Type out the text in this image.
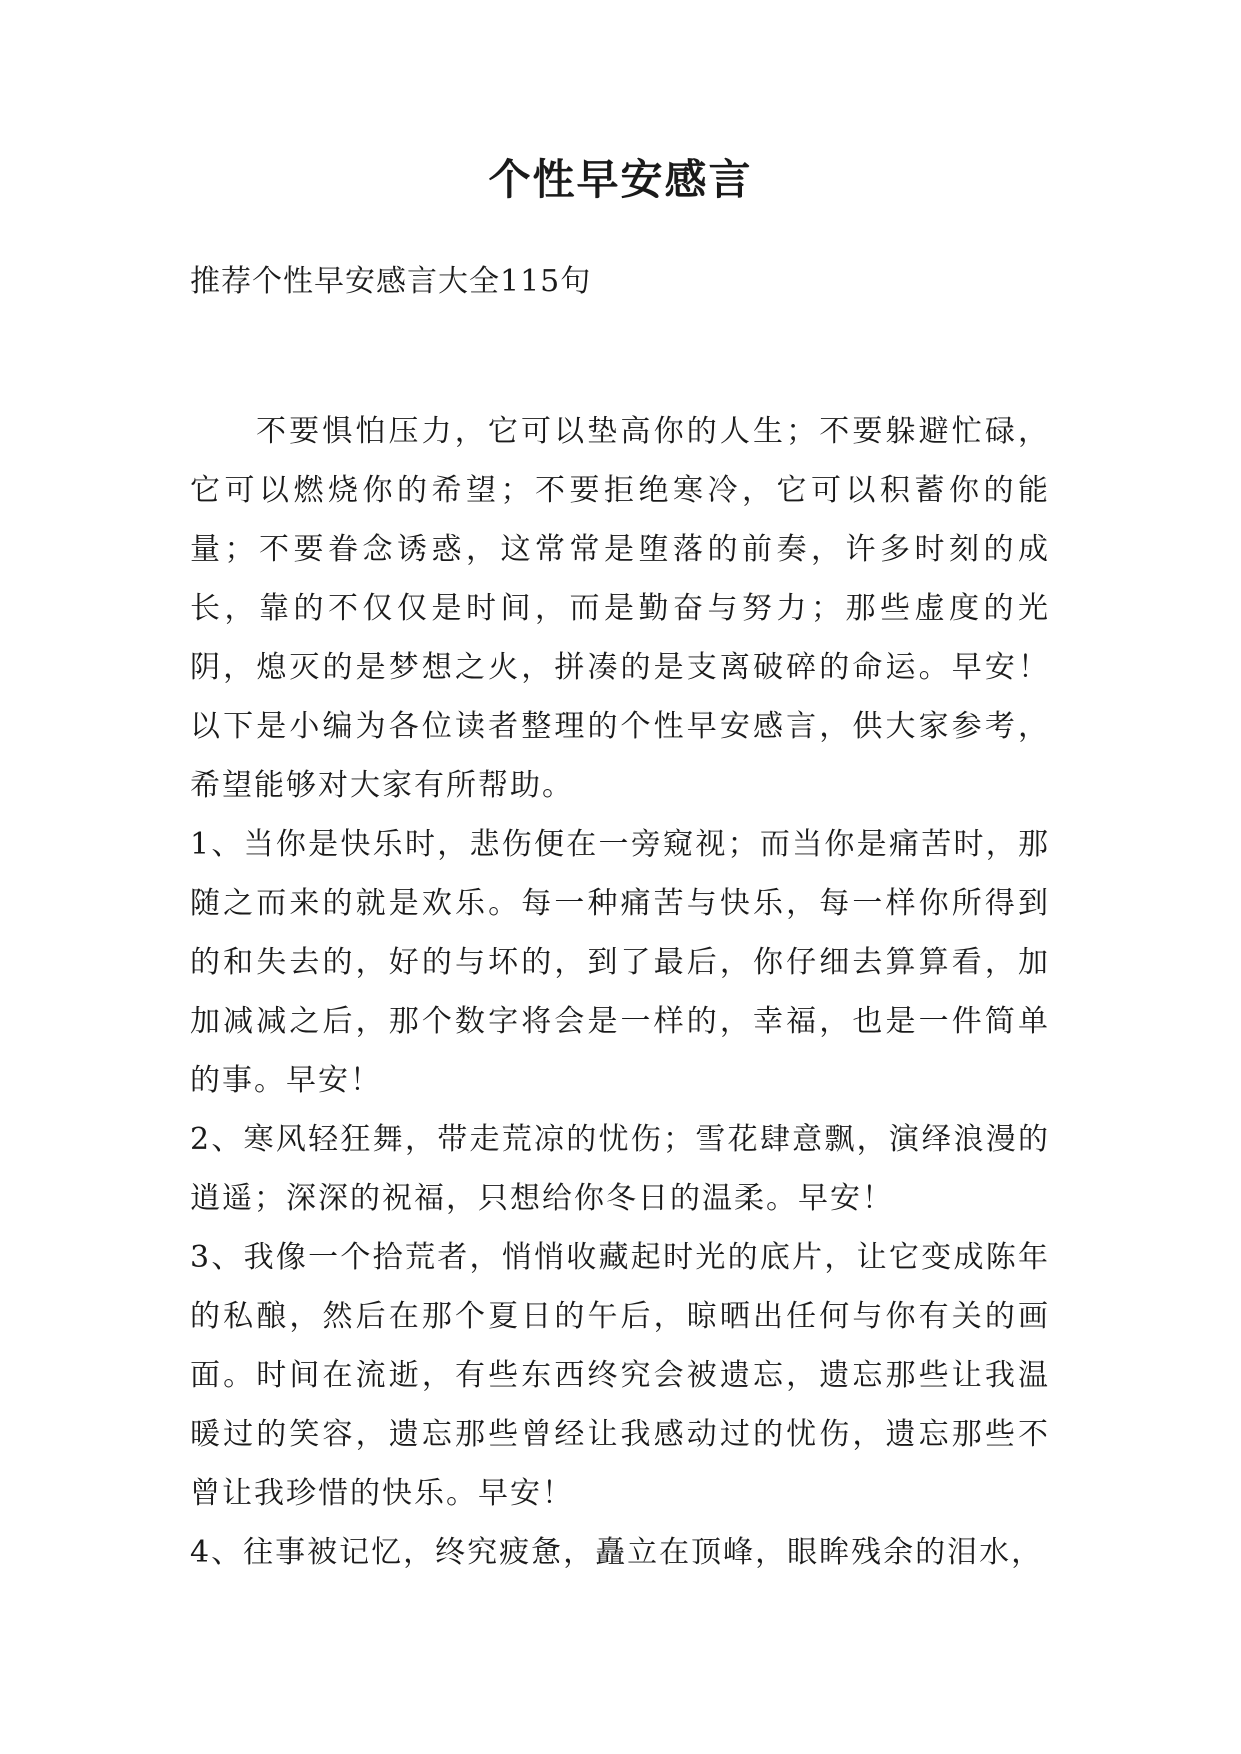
个性早安感言

推荐个性早安感言大全115句

不要惧怕压力，它可以垫高你的人生；不要躲避忙碌，它可以燃烧你的希望；不要拒绝寒冷，它可以积蓄你的能量；不要眷念诱惑，这常常是堕落的前奏，许多时刻的成长，靠的不仅仅是时间，而是勤奋与努力；那些虚度的光阴，熄灭的是梦想之火，拼凑的是支离破碎的命运。早安！以下是小编为各位读者整理的个性早安感言，供大家参考，希望能够对大家有所帮助。

1、当你是快乐时，悲伤便在一旁窥视；而当你是痛苦时，那随之而来的就是欢乐。每一种痛苦与快乐，每一样你所得到的和失去的，好的与坏的，到了最后，你仔细去算算看，加加减减之后，那个数字将会是一样的，幸福，也是一件简单的事。早安！

2、寒风轻狂舞，带走荒凉的忧伤；雪花肆意飘，演绎浪漫的逍遥；深深的祝福，只想给你冬日的温柔。早安！

3、我像一个拾荒者，悄悄收藏起时光的底片，让它变成陈年的私酿，然后在那个夏日的午后，晾晒出任何与你有关的画面。时间在流逝，有些东西终究会被遗忘，遗忘那些让我温暖过的笑容，遗忘那些曾经让我感动过的忧伤，遗忘那些不曾让我珍惜的快乐。早安！

4、往事被记忆，终究疲惫，矗立在顶峰，眼眸残余的泪水，
